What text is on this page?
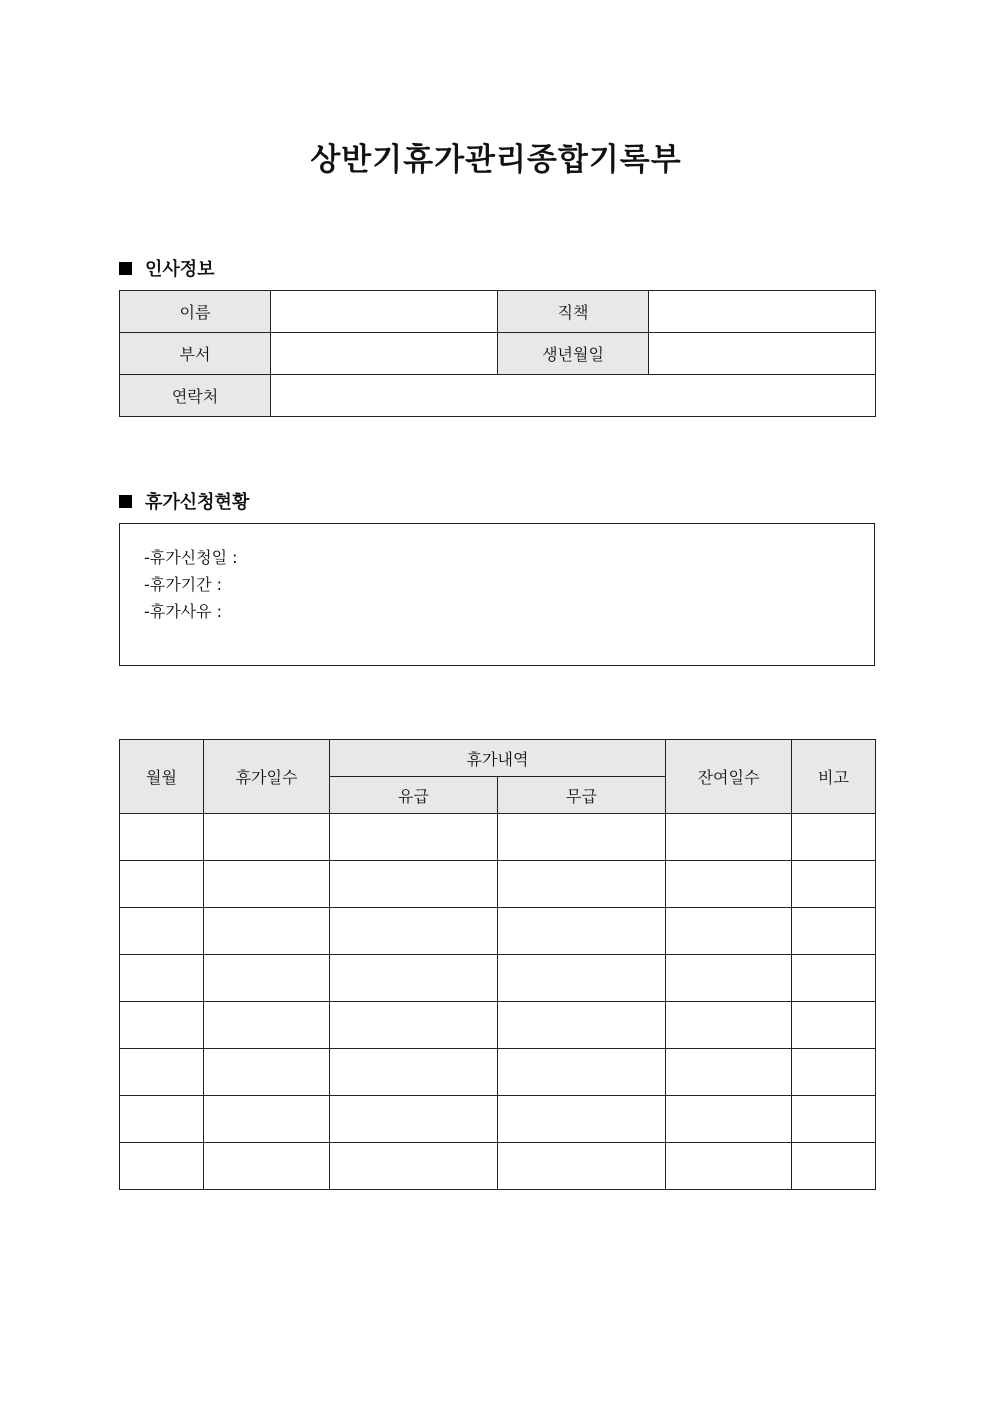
상반기휴가관리종합기록부
인사정보
이름		직책	
부서		생년월일	
연락처			
휴가신청현황
-휴가신청일 :
-휴가기간 :
-휴가사유 :
월월	휴가일수	휴가내역		잔여일수	비고
		유급	무급		
